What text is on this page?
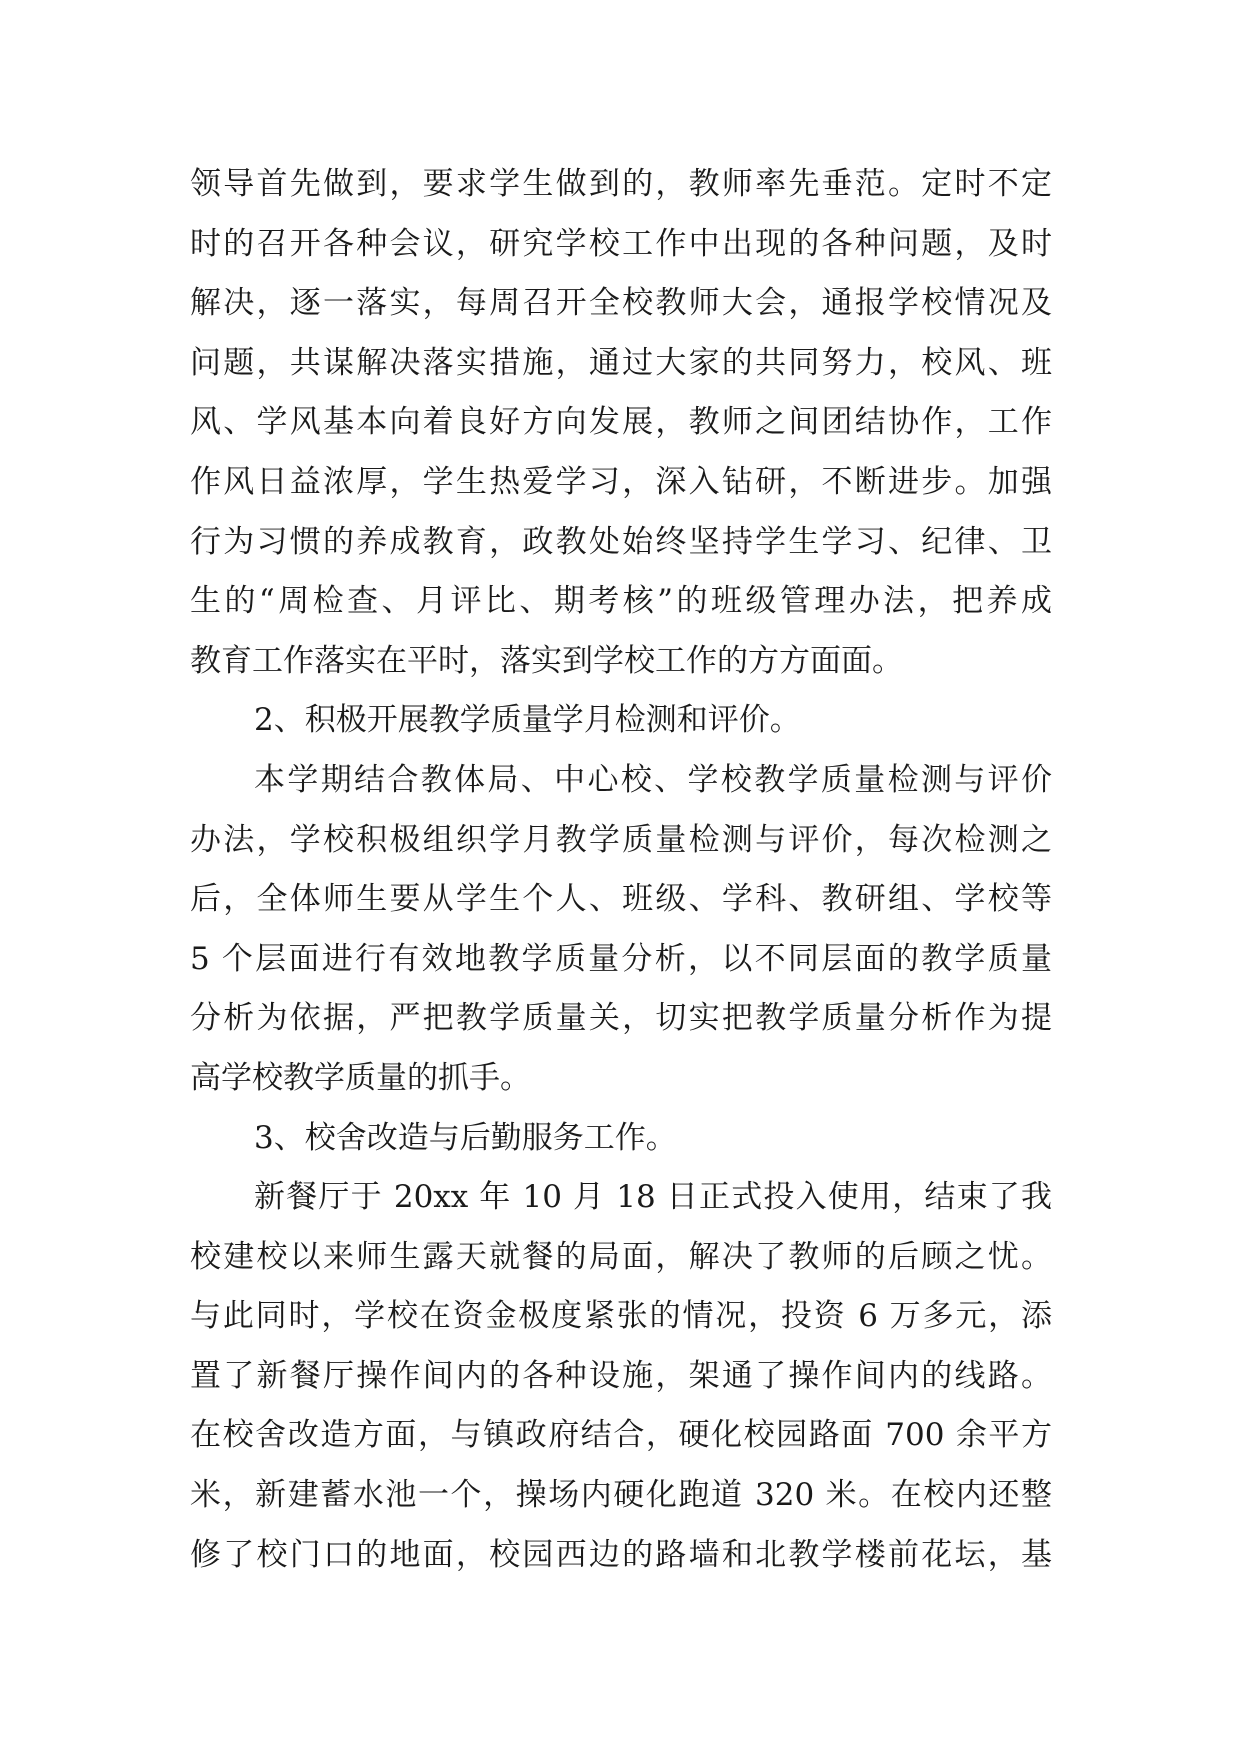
领导首先做到，要求学生做到的，教师率先垂范。定时不定
时的召开各种会议，研究学校工作中出现的各种问题，及时
解决，逐一落实，每周召开全校教师大会，通报学校情况及
问题，共谋解决落实措施，通过大家的共同努力，校风、班
风、学风基本向着良好方向发展，教师之间团结协作，工作
作风日益浓厚，学生热爱学习，深入钻研，不断进步。加强
行为习惯的养成教育，政教处始终坚持学生学习、纪律、卫
生的“周检查、月评比、期考核”的班级管理办法，把养成
教育工作落实在平时，落实到学校工作的方方面面。
2、积极开展教学质量学月检测和评价。
本学期结合教体局、中心校、学校教学质量检测与评价
办法，学校积极组织学月教学质量检测与评价，每次检测之
后，全体师生要从学生个人、班级、学科、教研组、学校等
5 个层面进行有效地教学质量分析，以不同层面的教学质量
分析为依据，严把教学质量关，切实把教学质量分析作为提
高学校教学质量的抓手。
3、校舍改造与后勤服务工作。
新餐厅于 20xx 年 10 月 18 日正式投入使用，结束了我
校建校以来师生露天就餐的局面，解决了教师的后顾之忧。
与此同时，学校在资金极度紧张的情况，投资 6 万多元，添
置了新餐厅操作间内的各种设施，架通了操作间内的线路。
在校舍改造方面，与镇政府结合，硬化校园路面 700 余平方
米，新建蓄水池一个，操场内硬化跑道 320 米。在校内还整
修了校门口的地面，校园西边的路墙和北教学楼前花坛，基
